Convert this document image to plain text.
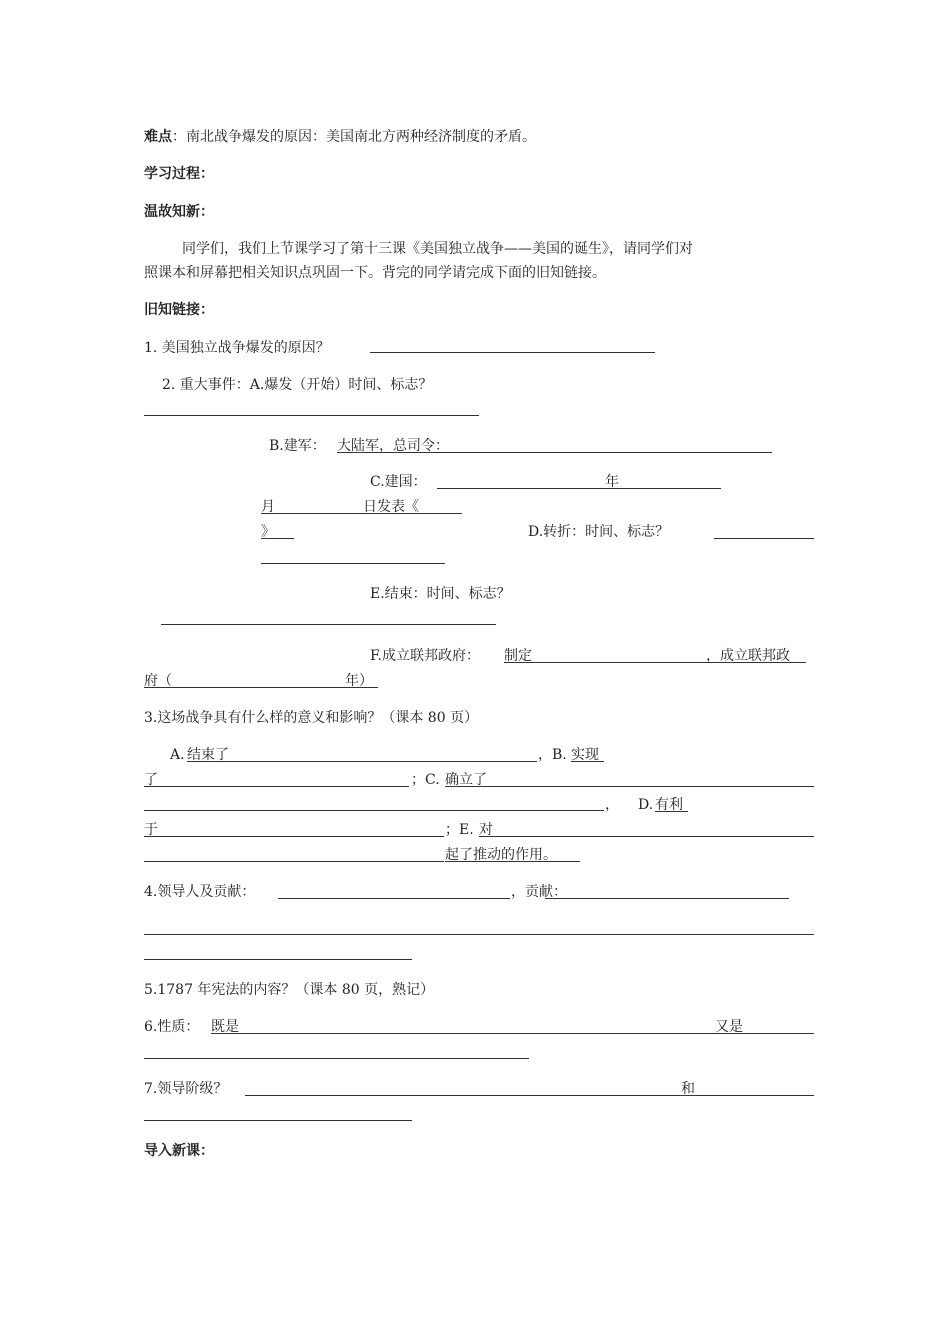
难点：南北战争爆发的原因：美国南北方两种经济制度的矛盾。
学习过程：
温故知新：
同学们，我们上节课学习了第十三课《美国独立战争——美国的诞生》，请同学们对
照课本和屏幕把相关知识点巩固一下。背完的同学请完成下面的旧知链接。
旧知链接：
1. 美国独立战争爆发的原因？
2. 重大事件：A.爆发（开始）时间、标志？
B.建军： 大陆军，总司令：
C.建国：	年
月	日发表《
》	D.转折：时间、标志？
E.结束：时间、标志？
F.成立联邦政府： 制定	，成立联邦政
府（	年）
3.这场战争具有什么样的意义和影响？（课本 80 页）
A. 结束了	，B. 实现
了	；C. 确立了
， D. 有利
于	；E. 对
起了推动的作用。
4.领导人及贡献：	，贡献：
5.1787 年宪法的内容？（课本 80 页，熟记）
6.性质： 既是	又是
7.领导阶级？	和
导入新课：
